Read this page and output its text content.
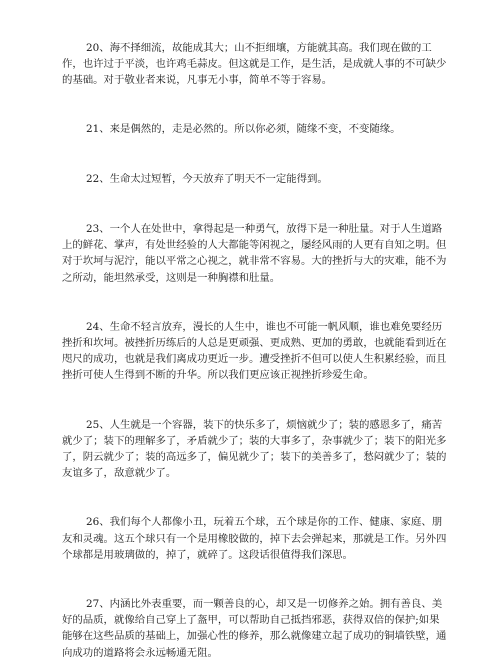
20、海不择细流，故能成其大；山不拒细壤，方能就其高。我们现在做的工作，也许过于平淡，也许鸡毛蒜皮。但这就是工作，是生活，是成就人事的不可缺少的基础。对于敬业者来说，凡事无小事，简单不等于容易。

21、来是偶然的，走是必然的。所以你必须，随缘不变，不变随缘。

22、生命太过短暂，今天放弃了明天不一定能得到。

23、一个人在处世中，拿得起是一种勇气，放得下是一种肚量。对于人生道路上的鲜花、掌声，有处世经验的人大都能等闲视之，屡经风雨的人更有自知之明。但对于坎坷与泥泞，能以平常之心视之，就非常不容易。大的挫折与大的灾难，能不为之所动，能坦然承受，这则是一种胸襟和肚量。

24、生命不轻言放弃，漫长的人生中，谁也不可能一帆风顺，谁也难免要经历挫折和坎坷。被挫折历练后的人总是更顽强、更成熟、更加的勇敢，也就能看到近在咫尺的成功，也就是我们离成功更近一步。遭受挫折不但可以使人生积累经验，而且挫折可使人生得到不断的升华。所以我们更应该正视挫折珍爱生命。

25、人生就是一个容器，装下的快乐多了，烦恼就少了；装的感恩多了，痛苦就少了；装下的理解多了，矛盾就少了；装的大事多了，杂事就少了；装下的阳光多了，阴云就少了；装的高远多了，偏见就少了；装下的美善多了，愁闷就少了；装的友谊多了，敌意就少了。

26、我们每个人都像小丑，玩着五个球，五个球是你的工作、健康、家庭、朋友和灵魂。这五个球只有一个是用橡胶做的，掉下去会弹起来，那就是工作。另外四个球都是用玻璃做的，掉了，就碎了。这段话很值得我们深思。

27、内涵比外表重要，而一颗善良的心，却又是一切修养之始。拥有善良、美好的品质，就像给自己穿上了盔甲，可以帮助自己抵挡邪恶，获得双倍的保护;如果能够在这些品质的基础上，加强心性的修养，那么就像建立起了成功的铜墙铁壁，通向成功的道路将会永远畅通无阻。
